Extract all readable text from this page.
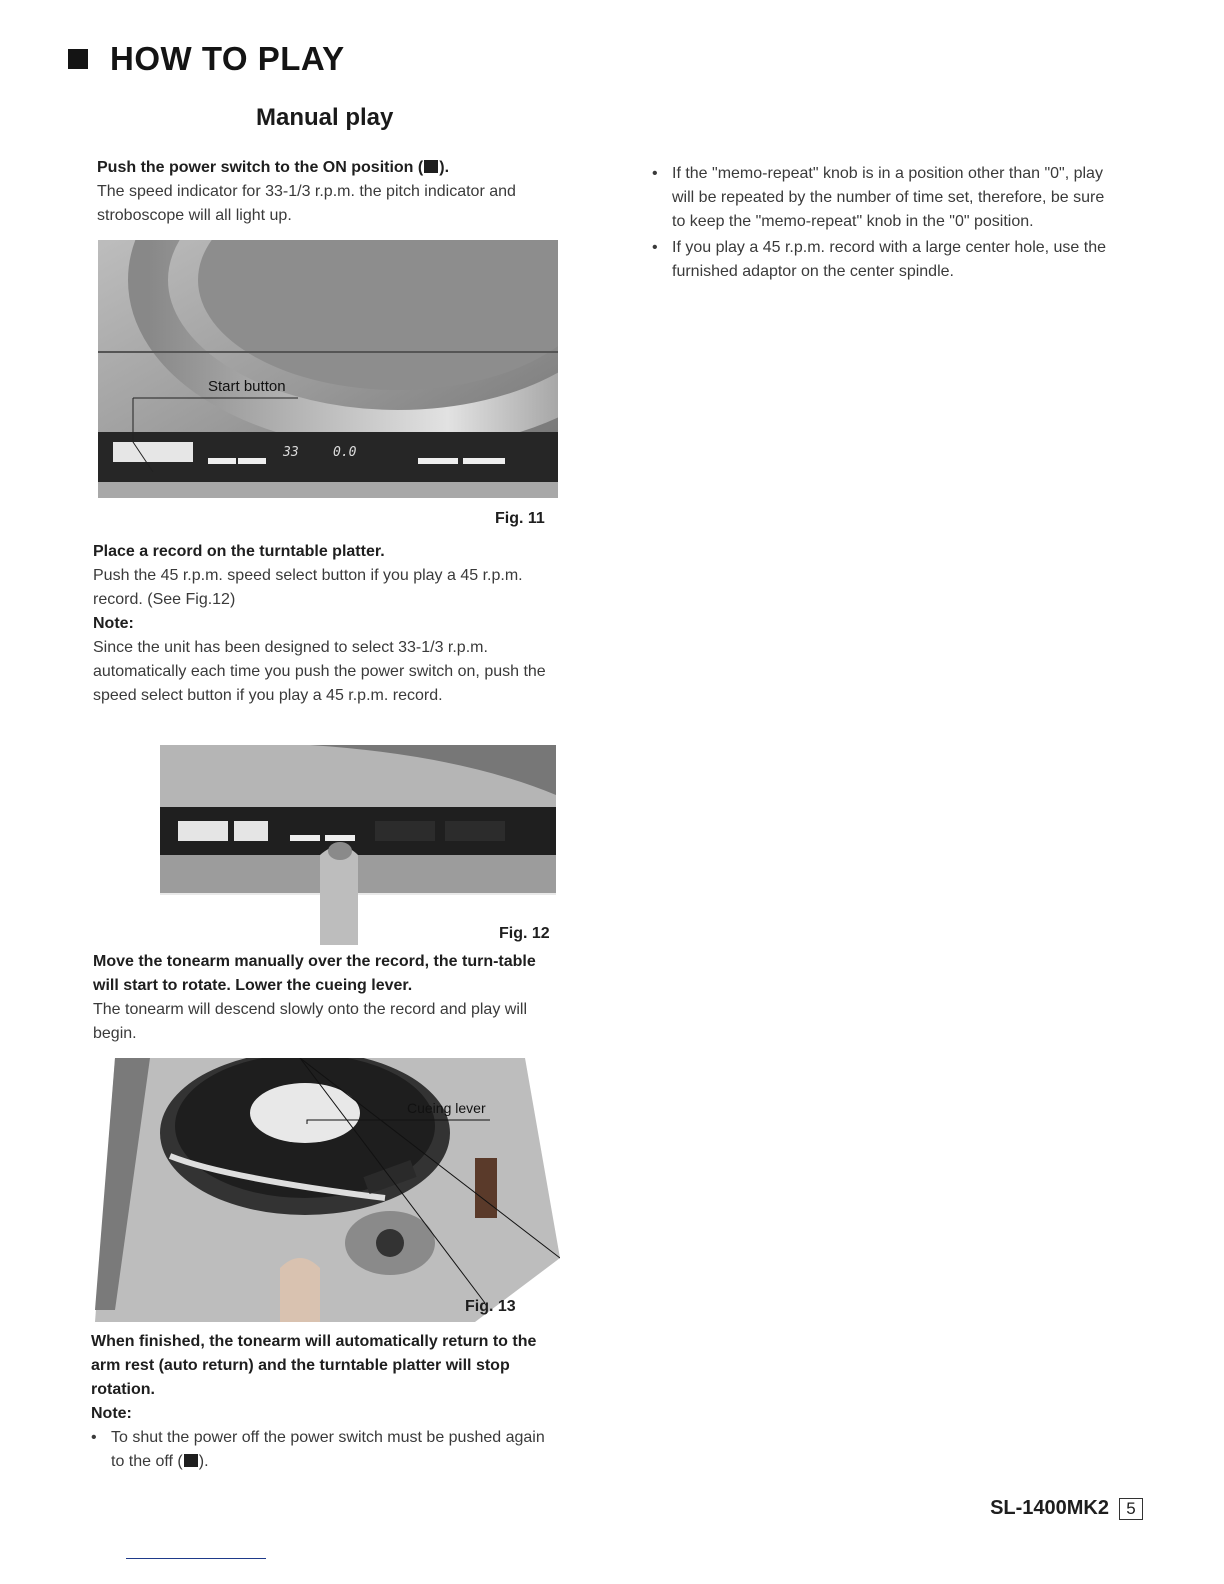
HOW TO PLAY
Manual play
Push the power switch to the ON position ( ).
The speed indicator for 33-1/3 r.p.m. the pitch indicator and stroboscope will all light up.
Start button
33	0.0
Fig. 11
Place a record on the turntable platter.
Push the 45 r.p.m. speed select button if you play a 45 r.p.m. record. (See Fig.12)
Note:
Since the unit has been designed to select 33-1/3 r.p.m. automatically each time you push the power switch on, push the speed select button if you play a 45 r.p.m. record.
Fig. 12
Move the tonearm manually over the record, the turn-table will start to rotate. Lower the cueing lever.
The tonearm will descend slowly onto the record and play will begin.
Cueing lever
Fig. 13
When finished, the tonearm will automatically return to the arm rest (auto return) and the turntable platter will stop rotation.
Note:
• To shut the power off the power switch must be pushed again to the off ( ).
• If the "memo-repeat" knob is in a position other than "0", play will be repeated by the number of time set, therefore, be sure to keep the "memo-repeat" knob in the "0" position.
• If you play a 45 r.p.m. record with a large center hole, use the furnished adaptor on the center spindle.
SL-1400MK2	5
